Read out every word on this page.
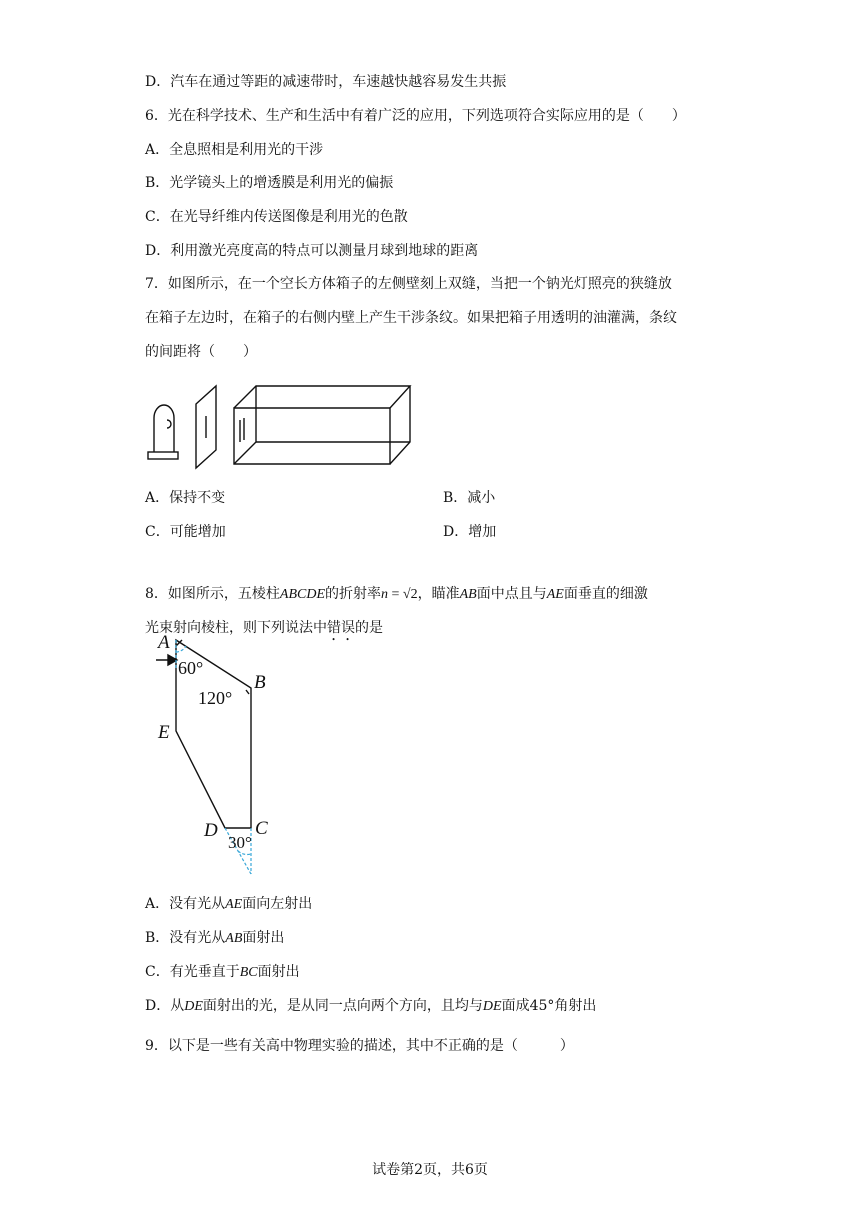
D．汽车在通过等距的减速带时，车速越快越容易发生共振
6．光在科学技术、生产和生活中有着广泛的应用，下列选项符合实际应用的是（　　）
A．全息照相是利用光的干涉
B．光学镜头上的增透膜是利用光的偏振
C．在光导纤维内传送图像是利用光的色散
D．利用激光亮度高的特点可以测量月球到地球的距离
7．如图所示，在一个空长方体箱子的左侧壁刻上双缝，当把一个钠光灯照亮的狭缝放
在箱子左边时，在箱子的右侧内壁上产生干涉条纹。如果把箱子用透明的油灌满，条纹
的间距将（　　）
A．保持不变	B．减小
C．可能增加	D．增加
8．如图所示，五棱柱ABCDE的折射率n = √2，瞄准AB面中点且与AE面垂直的细激
光束射向棱柱，则下列说法中错误的是
A
60°
B
120°
E
D C
30°
A．没有光从AE面向左射出
B．没有光从AB面射出
C．有光垂直于BC面射出
D．从DE面射出的光，是从同一点向两个方向，且均与DE面成45°角射出
9．以下是一些有关高中物理实验的描述，其中不正确的是（　　　）
试卷第2页，共6页
